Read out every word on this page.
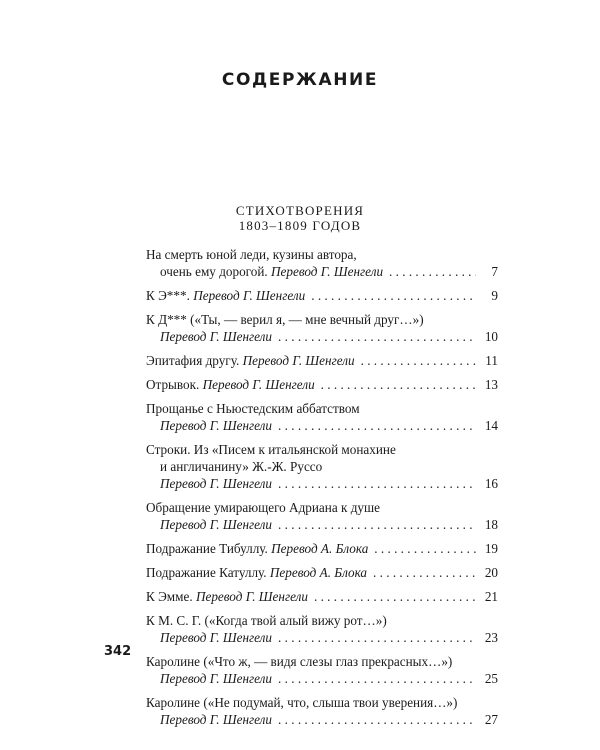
СОДЕРЖАНИЕ
СТИХОТВОРЕНИЯ
1803–1809 ГОДОВ
На смерть юной леди, кузины автора,
очень ему дорогой. Перевод Г. Шенгели . . .	7
К Э***. Перевод Г. Шенгели . . .	9
К Д*** («Ты, — верил я, — мне вечный друг…»)
Перевод Г. Шенгели . . .	10
Эпитафия другу. Перевод Г. Шенгели . . .	11
Отрывок. Перевод Г. Шенгели . . .	13
Прощанье с Ньюстедским аббатством
Перевод Г. Шенгели . . .	14
Строки. Из «Писем к итальянской монахине
и англичанину» Ж.-Ж. Руссо
Перевод Г. Шенгели . . .	16
Обращение умирающего Адриана к душе
Перевод Г. Шенгели . . .	18
Подражание Тибуллу. Перевод А. Блока . . .	19
Подражание Катуллу. Перевод А. Блока . . .	20
К Эмме. Перевод Г. Шенгели . . .	21
К М. С. Г. («Когда твой алый вижу рот…»)
Перевод Г. Шенгели . . .	23
Каролине («Что ж, — видя слезы глаз прекрасных…»)
Перевод Г. Шенгели . . .	25
Каролине («Не подумай, что, слыша твои уверения…»)
Перевод Г. Шенгели . . .	27
342
